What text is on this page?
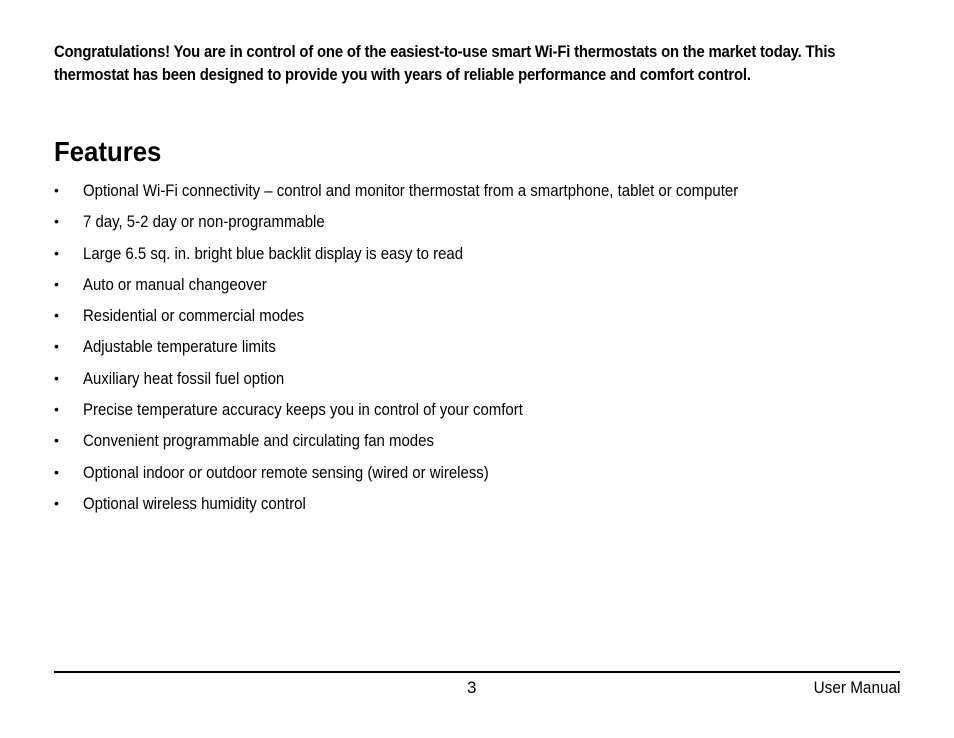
Congratulations! You are in control of one of the easiest-to-use smart Wi-Fi thermostats on the market today. This thermostat has been designed to provide you with years of reliable performance and comfort control.

Features
• Optional Wi-Fi connectivity – control and monitor thermostat from a smartphone, tablet or computer
• 7 day, 5-2 day or non-programmable
• Large 6.5 sq. in. bright blue backlit display is easy to read
• Auto or manual changeover
• Residential or commercial modes
• Adjustable temperature limits
• Auxiliary heat fossil fuel option
• Precise temperature accuracy keeps you in control of your comfort
• Convenient programmable and circulating fan modes
• Optional indoor or outdoor remote sensing (wired or wireless)
• Optional wireless humidity control
3	User Manual
